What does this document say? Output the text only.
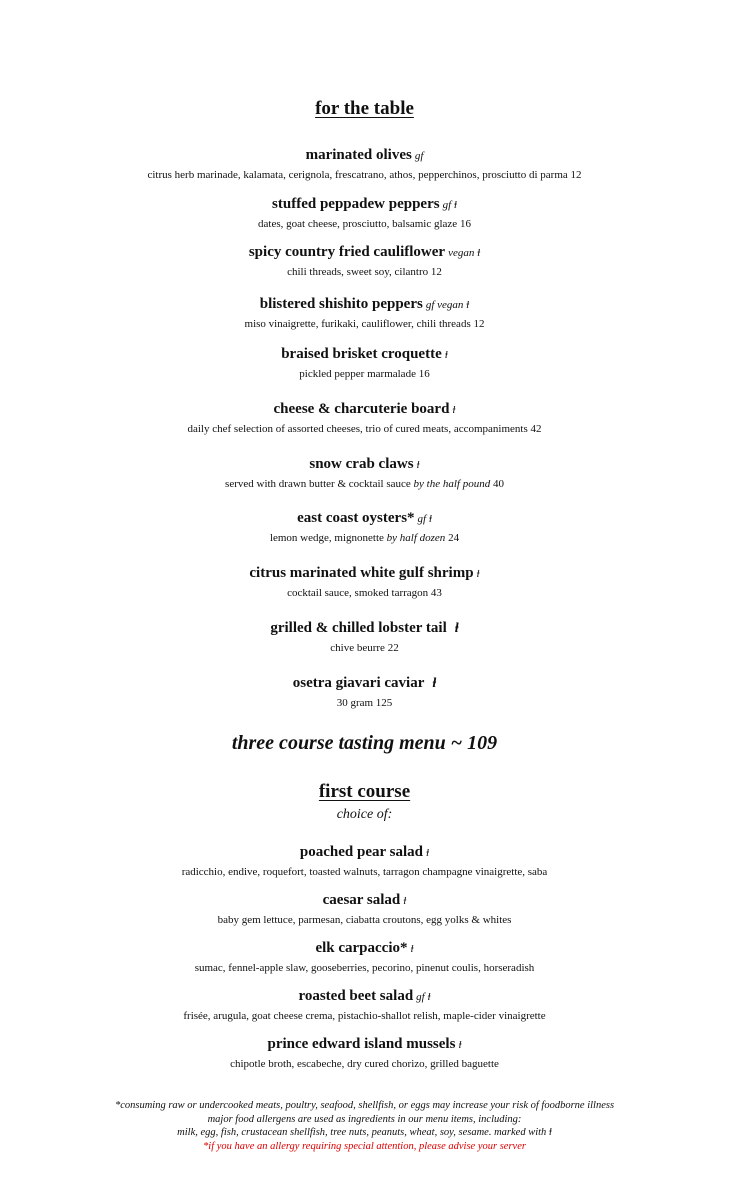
for the table
marinated olives gf
citrus herb marinade, kalamata, cerignola, frescatrano, athos, pepperchinos, prosciutto di parma 12
stuffed peppadew peppers gf ⱡ
dates, goat cheese, prosciutto, balsamic glaze 16
spicy country fried cauliflower vegan ⱡ
chili threads, sweet soy, cilantro 12
blistered shishito peppers gf vegan ⱡ
miso vinaigrette, furikaki, cauliflower, chili threads 12
braised brisket croquette ⱡ
pickled pepper marmalade 16
cheese & charcuterie board ⱡ
daily chef selection of assorted cheeses, trio of cured meats, accompaniments 42
snow crab claws ⱡ
served with drawn butter & cocktail sauce by the half pound 40
east coast oysters* gf ⱡ
lemon wedge, mignonette by half dozen 24
citrus marinated white gulf shrimp ⱡ
cocktail sauce, smoked tarragon 43
grilled & chilled lobster tail ⱡ
chive beurre 22
osetra giavari caviar ⱡ
30 gram 125
three course tasting menu ~ 109
first course
choice of:
poached pear salad ⱡ
radicchio, endive, roquefort, toasted walnuts, tarragon champagne vinaigrette, saba
caesar salad ⱡ
baby gem lettuce, parmesan, ciabatta croutons, egg yolks & whites
elk carpaccio* ⱡ
sumac, fennel-apple slaw, gooseberries, pecorino, pinenut coulis, horseradish
roasted beet salad gf ⱡ
frisée, arugula, goat cheese crema, pistachio-shallot relish, maple-cider vinaigrette
prince edward island mussels ⱡ
chipotle broth, escabeche, dry cured chorizo, grilled baguette
*consuming raw or undercooked meats, poultry, seafood, shellfish, or eggs may increase your risk of foodborne illness
major food allergens are used as ingredients in our menu items, including:
milk, egg, fish, crustacean shellfish, tree nuts, peanuts, wheat, soy, sesame. marked with ⱡ
*if you have an allergy requiring special attention, please advise your server
